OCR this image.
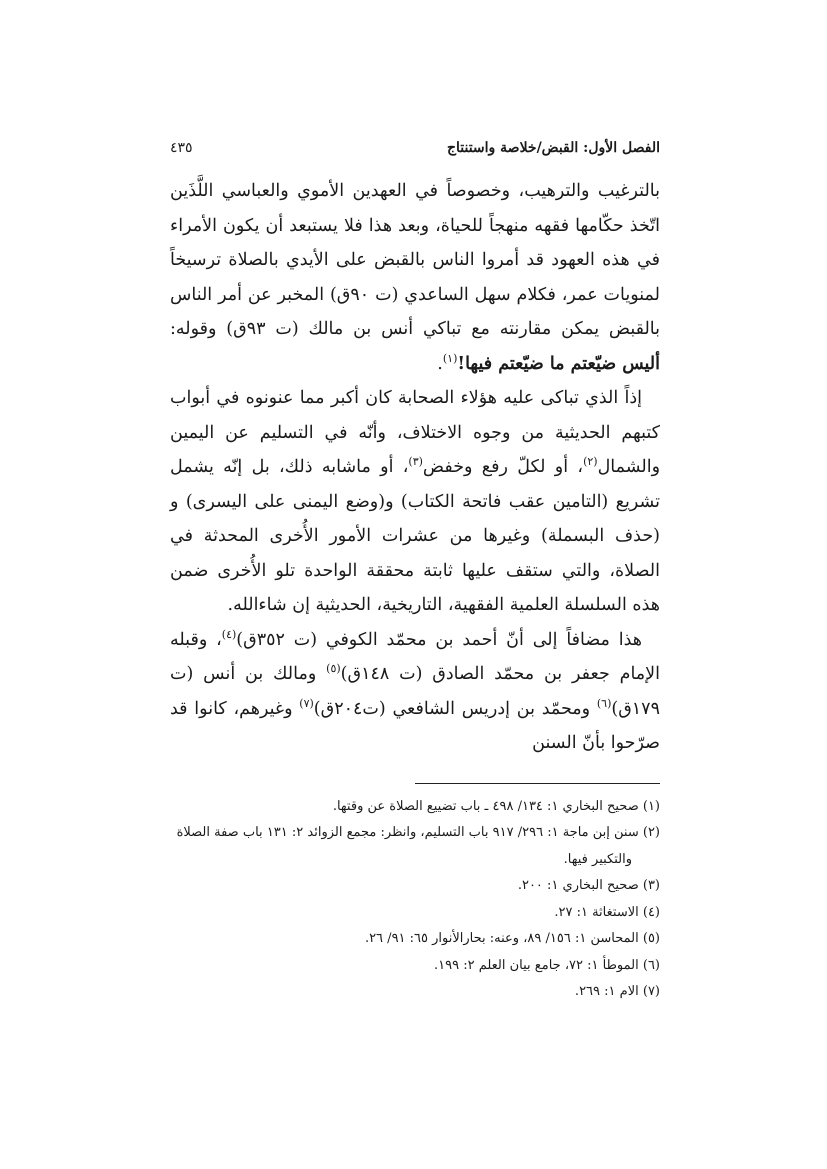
الفصل الأول: القبض/خلاصة واستنتاج
٤٣٥

بالترغيب والترهيب، وخصوصاً في العهدين الأموي والعباسي اللَّذَين اتّخذ حكّامها فقهه منهجاً للحياة، وبعد هذا فلا يستبعد أن يكون الأمراء في هذه العهود قد أمروا الناس بالقبض على الأيدي بالصلاة ترسيخاً لمنويات عمر، فكلام سهل الساعدي (ت ٩٠ق) المخبر عن أمر الناس بالقبض يمكن مقارنته مع تباكي أنس بن مالك (ت ٩٣ق) وقوله: أليس ضيّعتم ما ضيّعتم فيها!$^{(١)}$.

إذاً الذي تباكى عليه هؤلاء الصحابة كان أكبر مما عنونوه في أبواب كتبهم الحديثية من وجوه الاختلاف، وأنّه في التسليم عن اليمين والشمال$^{(٢)}$، أو لكلّ رفع وخفض$^{(٣)}$، أو ماشابه ذلك، بل إنّه يشمل تشريع (التامين عقب فاتحة الكتاب) و(وضع اليمنى على اليسرى) و (حذف البسملة) وغيرها من عشرات الأمور الأُخرى المحدثة في الصلاة، والتي ستقف عليها ثابتة محققة الواحدة تلو الأُخرى ضمن هذه السلسلة العلمية الفقهية، التاريخية، الحديثية إن شاءالله.

هذا مضافاً إلى أنّ أحمد بن محمّد الكوفي (ت ٣٥٢ق)$^{(٤)}$، وقبله الإمام جعفر بن محمّد الصادق (ت ١٤٨ق)$^{(٥)}$ ومالك بن أنس (ت ١٧٩ق)$^{(٦)}$ ومحمّد بن إدريس الشافعي (ت٢٠٤ق)$^{(٧)}$ وغيرهم، كانوا قد صرّحوا بأنّ السنن

(١) صحيح البخاري ١: ١٣٤/ ٤٩٨ ـ باب تضييع الصلاة عن وقتها.
(٢) سنن إبن ماجة ١: ٢٩٦/ ٩١٧ باب التسليم، وانظر: مجمع الزوائد ٢: ١٣١ باب صفة الصلاة
والتكبير فيها.
(٣) صحيح البخاري ١: ٢٠٠.
(٤) الاستغاثة ١: ٢٧.
(٥) المحاسن ١: ١٥٦/ ٨٩، وعنه: بحارالأنوار ٦٥: ٩١/ ٢٦.
(٦) الموطأ ١: ٧٢، جامع بيان العلم ٢: ١٩٩.
(٧) الام ١: ٢٦٩.
